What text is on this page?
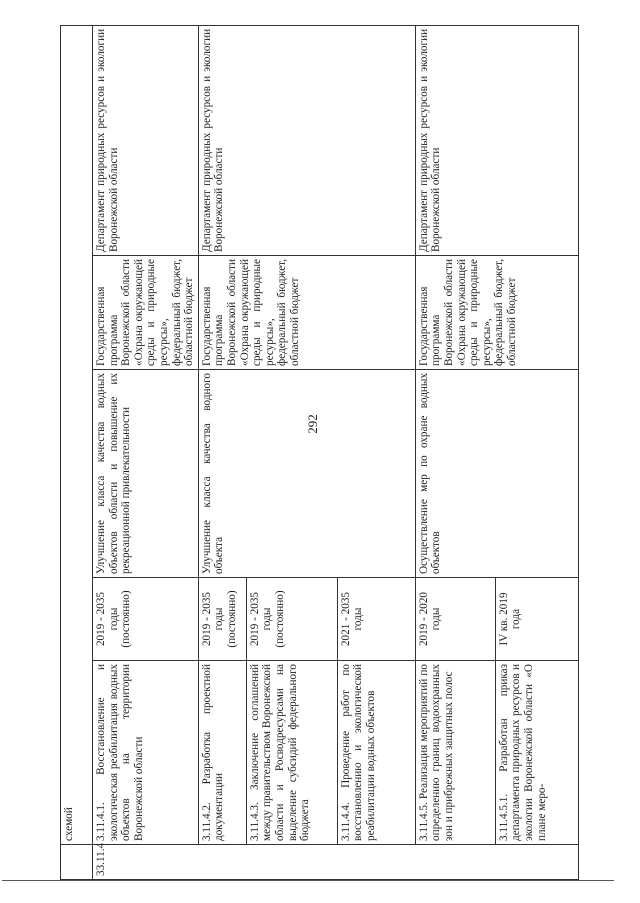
292
	схемой				
33.11.4	3.11.4.1. Восстановление и экологическая реабилитация водных объектов на территории Воронежской области	2019 - 2035 годы (постоянно)	Улучшение класса качества водных объектов области и повышение их рекреационной привлекательности	Государственная программа Воронежской области «Охрана окружающей среды и природные ресурсы», федеральный бюджет, областной бюджет	Департамент природных ресурсов и экологии Воронежской области
	3.11.4.2. Разработка проектной документации	2019 - 2035 годы (постоянно)	Улучшение класса качества водного объекта	Государственная программа Воронежской области «Охрана окружающей среды и природные ресурсы», федеральный бюджет, областной бюджет	Департамент природных ресурсов и экологии Воронежской области
	3.11.4.3. Заключение соглашений между правительством Воронежской области и Росводресурсами на выделение субсидий федерального бюджета	2019 - 2035 годы (постоянно)			
	3.11.4.4. Проведение работ по восстановлению и экологической реабилитации водных объектов	2021 - 2035 годы			
	3.11.4.5. Реализация мероприятий по определению границ водоохранных зон и прибрежных защитных полос	2019 - 2020 годы	Осуществление мер по охране водных объектов	Государственная программа Воронежской области «Охрана окружающей среды и природные ресурсы», федеральный бюджет, областной бюджет	Департамент природных ресурсов и экологии Воронежской области
	3.11.4.5.1. Разработан приказ департамента природных ресурсов и экологии Воронежской области «О плане меро-	IV кв. 2019 года			
